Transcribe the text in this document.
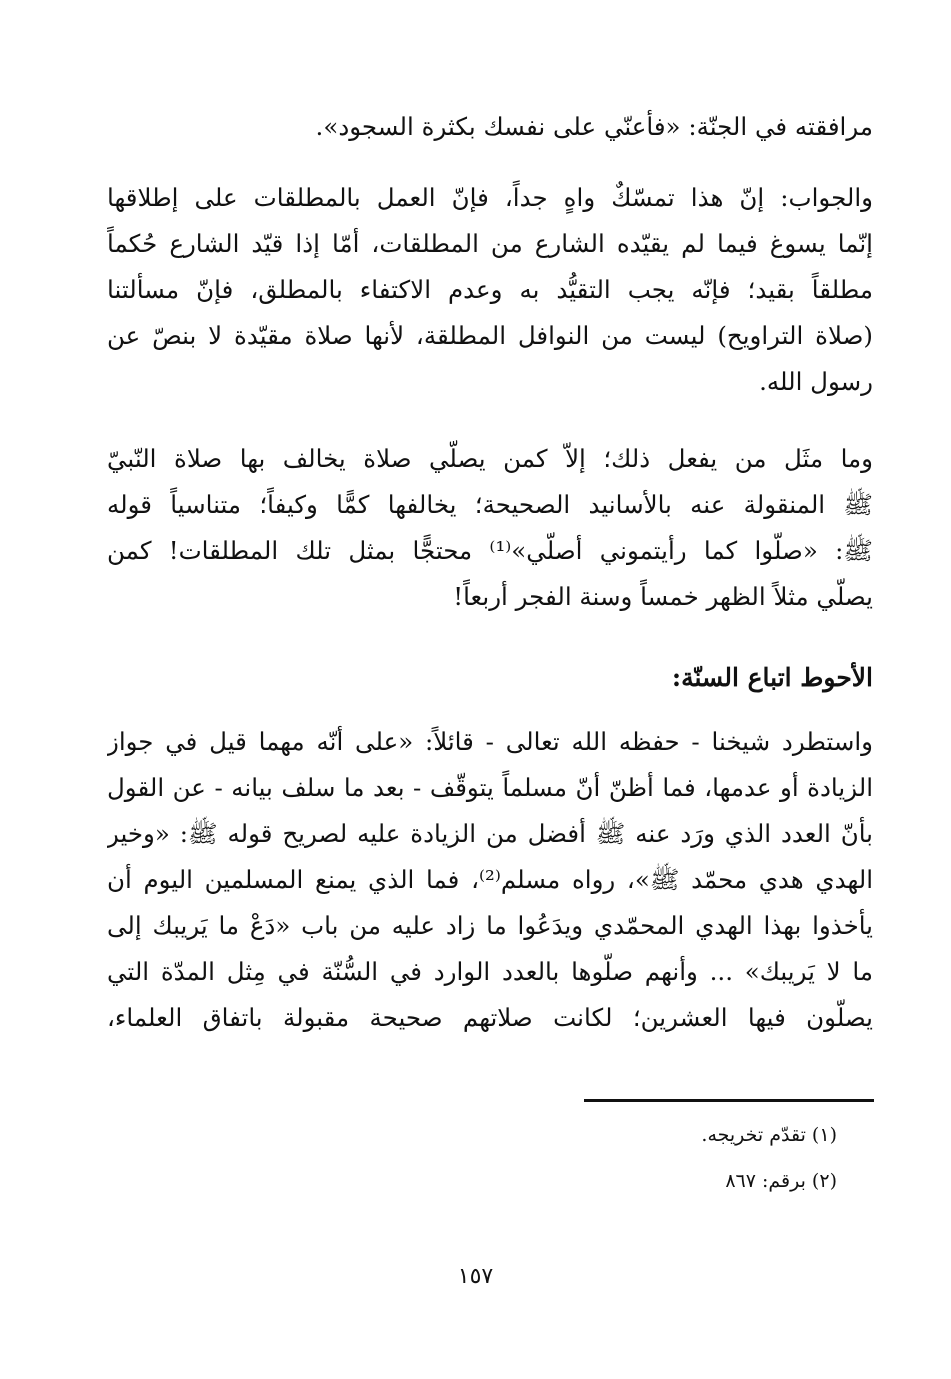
مرافقته في الجنّة: «فأعنّي على نفسك بكثرة السجود».
والجواب: إنّ هذا تمسّكٌ واهٍ جداً، فإنّ العمل بالمطلقات على إطلاقها
إنّما يسوغ فيما لم يقيّده الشارع من المطلقات، أمّا إذا قيّد الشارع حُكماً
مطلقاً بقيد؛ فإنّه يجب التقيُّد به وعدم الاكتفاء بالمطلق، فإنّ مسألتنا
(صلاة التراويح) ليست من النوافل المطلقة، لأنها صلاة مقيّدة لا بنصّ عن
رسول الله.
وما مثَل من يفعل ذلك؛ إلاّ كمن يصلّي صلاة يخالف بها صلاة النّبيّ
ﷺ المنقولة عنه بالأسانيد الصحيحة؛ يخالفها كمًّا وكيفاً؛ متناسياً قوله
ﷺ: «صلّوا كما رأيتموني أصلّي»⁽¹⁾ محتجًّا بمثل تلك المطلقات! كمن
يصلّي مثلاً الظهر خمساً وسنة الفجر أربعاً!
الأحوط اتباع السنّة:
واستطرد شيخنا - حفظه الله تعالى - قائلاً: «على أنّه مهما قيل في جواز
الزيادة أو عدمها، فما أظنّ أنّ مسلماً يتوقّف - بعد ما سلف بيانه - عن القول
بأنّ العدد الذي ورَد عنه ﷺ أفضل من الزيادة عليه لصريح قوله ﷺ: «وخير
الهدي هدي محمّد ﷺ»، رواه مسلم⁽²⁾، فما الذي يمنع المسلمين اليوم أن
يأخذوا بهذا الهدي المحمّدي ويدَعُوا ما زاد عليه من باب «دَعْ ما يَريبك إلى
ما لا يَريبك» ... وأنهم صلّوها بالعدد الوارد في السُّنّة في مِثل المدّة التي
يصلّون فيها العشرين؛ لكانت صلاتهم صحيحة مقبولة باتفاق العلماء،
(١) تقدّم تخريجه.
(٢) برقم: ٨٦٧
١٥٧
